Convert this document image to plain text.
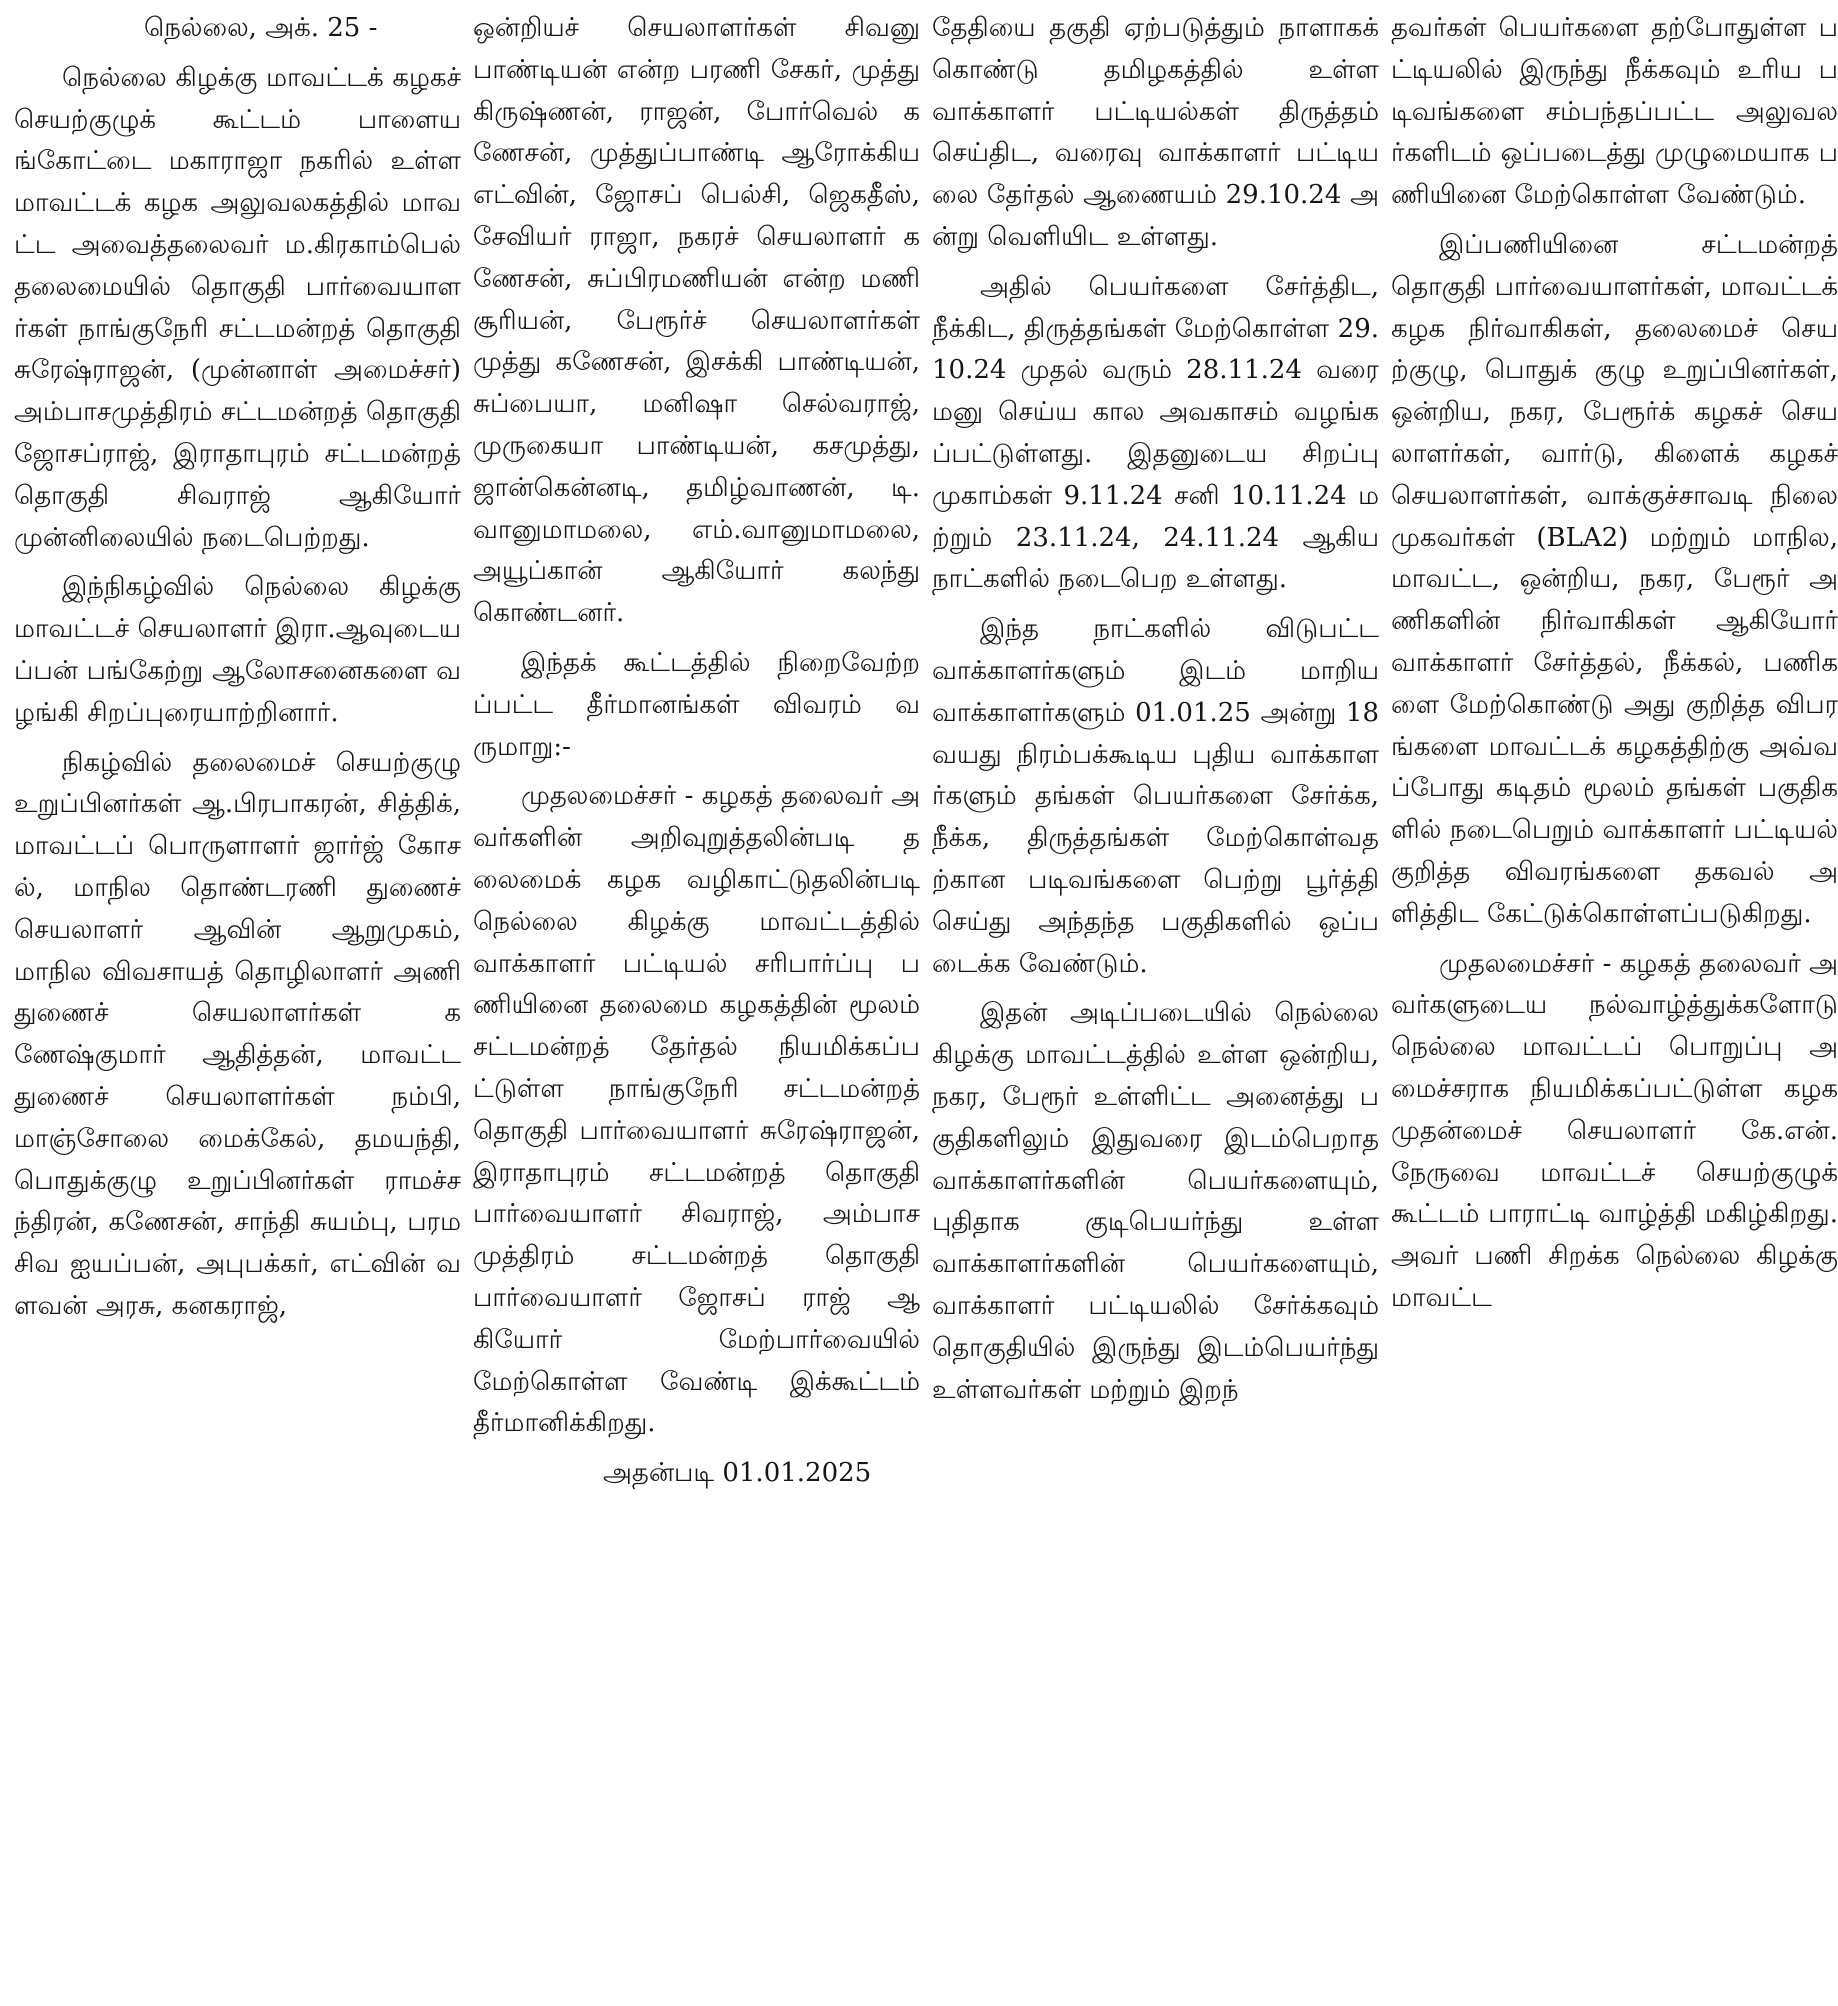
நெல்லை, அக். 25 -

நெல்லை கிழக்கு மாவட்டக் கழகச் செயற்குழுக் கூட்டம் பாளையங்கோட்டை மகாராஜா நகரில் உள்ள மாவட்டக் கழக அலுவலகத்தில் மாவட்ட அவைத்தலைவர் ம.கிரகாம்பெல் தலைமையில் தொகுதி பார்வையாளர்கள் நாங்குநேரி சட்டமன்றத் தொகுதி சுரேஷ்ராஜன், (முன்னாள் அமைச்சர்) அம்பாசமுத்திரம் சட்டமன்றத் தொகுதி ஜோசப்ராஜ், இராதாபுரம் சட்டமன்றத் தொகுதி சிவராஜ் ஆகியோர் முன்னிலையில் நடைபெற்றது.

இந்நிகழ்வில் நெல்லை கிழக்கு மாவட்டச் செயலாளர் இரா.ஆவுடையப்பன் பங்கேற்று ஆலோசனைகளை வழங்கி சிறப்புரையாற்றினார்.

நிகழ்வில் தலைமைச் செயற்குழு உறுப்பினர்கள் ஆ.பிரபாகரன், சித்திக், மாவட்டப் பொருளாளர் ஜார்ஜ் கோசல், மாநில தொண்டரணி துணைச் செயலாளர் ஆவின் ஆறுமுகம், மாநில விவசாயத் தொழிலாளர் அணி துணைச் செயலாளர்கள் கணேஷ்குமார் ஆதித்தன், மாவட்ட துணைச் செயலாளர்கள் நம்பி, மாஞ்சோலை மைக்கேல், தமயந்தி, பொதுக்குழு உறுப்பினர்கள் ராமச்சந்திரன், கணேசன், சாந்தி சுயம்பு, பரமசிவ ஐயப்பன், அபுபக்கர், எட்வின் வளவன் அரசு, கனகராஜ்,

ஒன்றியச் செயலாளர்கள் சிவனு பாண்டியன் என்ற பரணி சேகர், முத்து கிருஷ்ணன், ராஜன், போர்வெல் கணேசன், முத்துப்பாண்டி ஆரோக்கிய எட்வின், ஜோசப் பெல்சி, ஜெகதீஸ், சேவியர் ராஜா, நகரச் செயலாளர் கணேசன், சுப்பிரமணியன் என்ற மணி சூரியன், பேரூர்ச் செயலாளர்கள் முத்து கணேசன், இசக்கி பாண்டியன், சுப்பையா, மனிஷா செல்வராஜ், முருகையா பாண்டியன், கசமுத்து, ஜான்கென்னடி, தமிழ்வாணன், டி.வானுமாமலை, எம்.வானுமாமலை, அயூப்கான் ஆகியோர் கலந்து கொண்டனர்.

இந்தக் கூட்டத்தில் நிறைவேற்றப்பட்ட தீர்மானங்கள் விவரம் வருமாறு:-

முதலமைச்சர் - கழகத் தலைவர் அவர்களின் அறிவுறுத்தலின்படி தலைமைக் கழக வழிகாட்டுதலின்படி நெல்லை கிழக்கு மாவட்டத்தில் வாக்காளர் பட்டியல் சரிபார்ப்பு பணியினை தலைமை கழகத்தின் மூலம் சட்டமன்றத் தேர்தல் நியமிக்கப்பட்டுள்ள நாங்குநேரி சட்டமன்றத் தொகுதி பார்வையாளர் சுரேஷ்ராஜன், இராதாபுரம் சட்டமன்றத் தொகுதி பார்வையாளர் சிவராஜ், அம்பாசமுத்திரம் சட்டமன்றத் தொகுதி பார்வையாளர் ஜோசப் ராஜ் ஆகியோர் மேற்பார்வையில் மேற்கொள்ள வேண்டி இக்கூட்டம் தீர்மானிக்கிறது.

அதன்படி 01.01.2025

தேதியை தகுதி ஏற்படுத்தும் நாளாகக் கொண்டு தமிழகத்தில் உள்ள வாக்காளர் பட்டியல்கள் திருத்தம் செய்திட, வரைவு வாக்காளர் பட்டியலை தேர்தல் ஆணையம் 29.10.24 அன்று வெளியிட உள்ளது.

அதில் பெயர்களை சேர்த்திட, நீக்கிட, திருத்தங்கள் மேற்கொள்ள 29.10.24 முதல் வரும் 28.11.24 வரை மனு செய்ய கால அவகாசம் வழங்கப்பட்டுள்ளது. இதனுடைய சிறப்பு முகாம்கள் 9.11.24 சனி 10.11.24 மற்றும் 23.11.24, 24.11.24 ஆகிய நாட்களில் நடைபெற உள்ளது.

இந்த நாட்களில் விடுபட்ட வாக்காளர்களும் இடம் மாறிய வாக்காளர்களும் 01.01.25 அன்று 18 வயது நிரம்பக்கூடிய புதிய வாக்காளர்களும் தங்கள் பெயர்களை சேர்க்க, நீக்க, திருத்தங்கள் மேற்கொள்வதற்கான படிவங்களை பெற்று பூர்த்தி செய்து அந்தந்த பகுதிகளில் ஒப்படைக்க வேண்டும்.

இதன் அடிப்படையில் நெல்லை கிழக்கு மாவட்டத்தில் உள்ள ஒன்றிய, நகர, பேரூர் உள்ளிட்ட அனைத்து பகுதிகளிலும் இதுவரை இடம்பெறாத வாக்காளர்களின் பெயர்களையும், புதிதாக குடிபெயர்ந்து உள்ள வாக்காளர்களின் பெயர்களையும், வாக்காளர் பட்டியலில் சேர்க்கவும் தொகுதியில் இருந்து இடம்பெயர்ந்து உள்ளவர்கள் மற்றும் இறந்

தவர்கள் பெயர்களை தற்போதுள்ள பட்டியலில் இருந்து நீக்கவும் உரிய படிவங்களை சம்பந்தப்பட்ட அலுவலர்களிடம் ஒப்படைத்து முழுமையாக பணியினை மேற்கொள்ள வேண்டும்.

இப்பணியினை சட்டமன்றத் தொகுதி பார்வையாளர்கள், மாவட்டக் கழக நிர்வாகிகள், தலைமைச் செயற்குழு, பொதுக் குழு உறுப்பினர்கள், ஒன்றிய, நகர, பேரூர்க் கழகச் செயலாளர்கள், வார்டு, கிளைக் கழகச் செயலாளர்கள், வாக்குச்சாவடி நிலை முகவர்கள் (BLA2) மற்றும் மாநில, மாவட்ட, ஒன்றிய, நகர, பேரூர் அணிகளின் நிர்வாகிகள் ஆகியோர் வாக்காளர் சேர்த்தல், நீக்கல், பணிகளை மேற்கொண்டு அது குறித்த விபரங்களை மாவட்டக் கழகத்திற்கு அவ்வப்போது கடிதம் மூலம் தங்கள் பகுதிகளில் நடைபெறும் வாக்காளர் பட்டியல் குறித்த விவரங்களை தகவல் அளித்திட கேட்டுக்கொள்ளப்படுகிறது.

முதலமைச்சர் - கழகத் தலைவர் அவர்களுடைய நல்வாழ்த்துக்களோடு நெல்லை மாவட்டப் பொறுப்பு அமைச்சராக நியமிக்கப்பட்டுள்ள கழக முதன்மைச் செயலாளர் கே.என்.நேருவை மாவட்டச் செயற்குழுக் கூட்டம் பாராட்டி வாழ்த்தி மகிழ்கிறது. அவர் பணி சிறக்க நெல்லை கிழக்கு மாவட்ட
